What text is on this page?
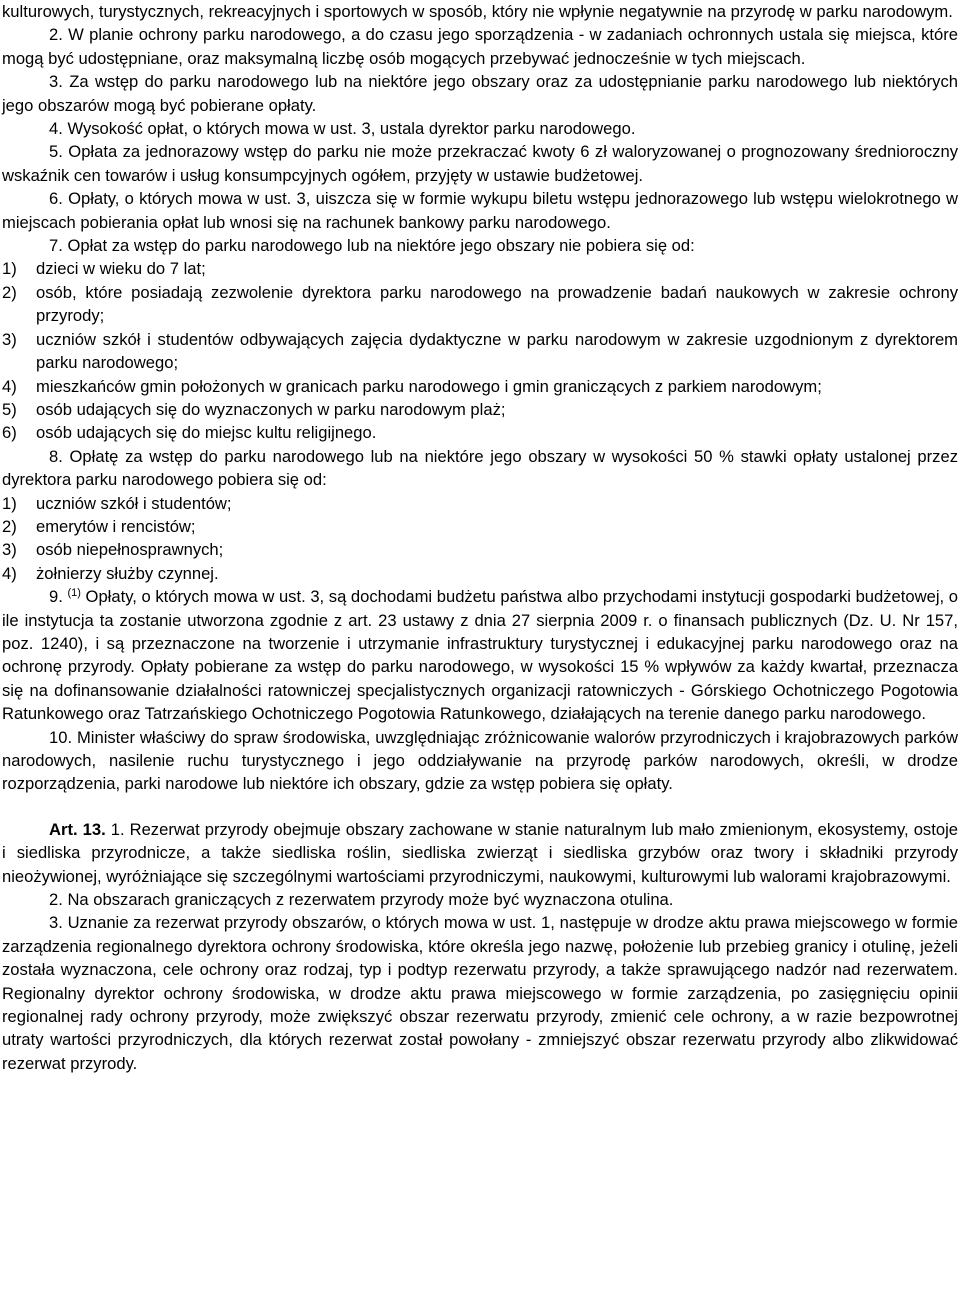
kulturowych, turystycznych, rekreacyjnych i sportowych w sposób, który nie wpłynie negatywnie na przyrodę w parku narodowym.

2. W planie ochrony parku narodowego, a do czasu jego sporządzenia - w zadaniach ochronnych ustala się miejsca, które mogą być udostępniane, oraz maksymalną liczbę osób mogących przebywać jednocześnie w tych miejscach.

3. Za wstęp do parku narodowego lub na niektóre jego obszary oraz za udostępnianie parku narodowego lub niektórych jego obszarów mogą być pobierane opłaty.

4. Wysokość opłat, o których mowa w ust. 3, ustala dyrektor parku narodowego.

5. Opłata za jednorazowy wstęp do parku nie może przekraczać kwoty 6 zł waloryzowanej o prognozowany średnioroczny wskaźnik cen towarów i usług konsumpcyjnych ogółem, przyjęty w ustawie budżetowej.

6. Opłaty, o których mowa w ust. 3, uiszcza się w formie wykupu biletu wstępu jednorazowego lub wstępu wielokrotnego w miejscach pobierania opłat lub wnosi się na rachunek bankowy parku narodowego.

7. Opłat za wstęp do parku narodowego lub na niektóre jego obszary nie pobiera się od:

1)	dzieci w wieku do 7 lat;
2)	osób, które posiadają zezwolenie dyrektora parku narodowego na prowadzenie badań naukowych w zakresie ochrony przyrody;
3)	uczniów szkół i studentów odbywających zajęcia dydaktyczne w parku narodowym w zakresie uzgodnionym z dyrektorem parku narodowego;
4)	mieszkańców gmin położonych w granicach parku narodowego i gmin graniczących z parkiem narodowym;
5)	osób udających się do wyznaczonych w parku narodowym plaż;
6)	osób udających się do miejsc kultu religijnego.

8. Opłatę za wstęp do parku narodowego lub na niektóre jego obszary w wysokości 50 % stawki opłaty ustalonej przez dyrektora parku narodowego pobiera się od:

1)	uczniów szkół i studentów;
2)	emerytów i rencistów;
3)	osób niepełnosprawnych;
4)	żołnierzy służby czynnej.

9. $^{(1)}$ Opłaty, o których mowa w ust. 3, są dochodami budżetu państwa albo przychodami instytucji gospodarki budżetowej, o ile instytucja ta zostanie utworzona zgodnie z art. 23 ustawy z dnia 27 sierpnia 2009 r. o finansach publicznych (Dz. U. Nr 157, poz. 1240), i są przeznaczone na tworzenie i utrzymanie infrastruktury turystycznej i edukacyjnej parku narodowego oraz na ochronę przyrody. Opłaty pobierane za wstęp do parku narodowego, w wysokości 15 % wpływów za każdy kwartał, przeznacza się na dofinansowanie działalności ratowniczej specjalistycznych organizacji ratowniczych - Górskiego Ochotniczego Pogotowia Ratunkowego oraz Tatrzańskiego Ochotniczego Pogotowia Ratunkowego, działających na terenie danego parku narodowego.

10. Minister właściwy do spraw środowiska, uwzględniając zróżnicowanie walorów przyrodniczych i krajobrazowych parków narodowych, nasilenie ruchu turystycznego i jego oddziaływanie na przyrodę parków narodowych, określi, w drodze rozporządzenia, parki narodowe lub niektóre ich obszary, gdzie za wstęp pobiera się opłaty.

Art. 13. 1. Rezerwat przyrody obejmuje obszary zachowane w stanie naturalnym lub mało zmienionym, ekosystemy, ostoje i siedliska przyrodnicze, a także siedliska roślin, siedliska zwierząt i siedliska grzybów oraz twory i składniki przyrody nieożywionej, wyróżniające się szczególnymi wartościami przyrodniczymi, naukowymi, kulturowymi lub walorami krajobrazowymi.

2. Na obszarach graniczących z rezerwatem przyrody może być wyznaczona otulina.

3. Uznanie za rezerwat przyrody obszarów, o których mowa w ust. 1, następuje w drodze aktu prawa miejscowego w formie zarządzenia regionalnego dyrektora ochrony środowiska, które określa jego nazwę, położenie lub przebieg granicy i otulinę, jeżeli została wyznaczona, cele ochrony oraz rodzaj, typ i podtyp rezerwatu przyrody, a także sprawującego nadzór nad rezerwatem. Regionalny dyrektor ochrony środowiska, w drodze aktu prawa miejscowego w formie zarządzenia, po zasięgnięciu opinii regionalnej rady ochrony przyrody, może zwiększyć obszar rezerwatu przyrody, zmienić cele ochrony, a w razie bezpowrotnej utraty wartości przyrodniczych, dla których rezerwat został powołany - zmniejszyć obszar rezerwatu przyrody albo zlikwidować rezerwat przyrody.
